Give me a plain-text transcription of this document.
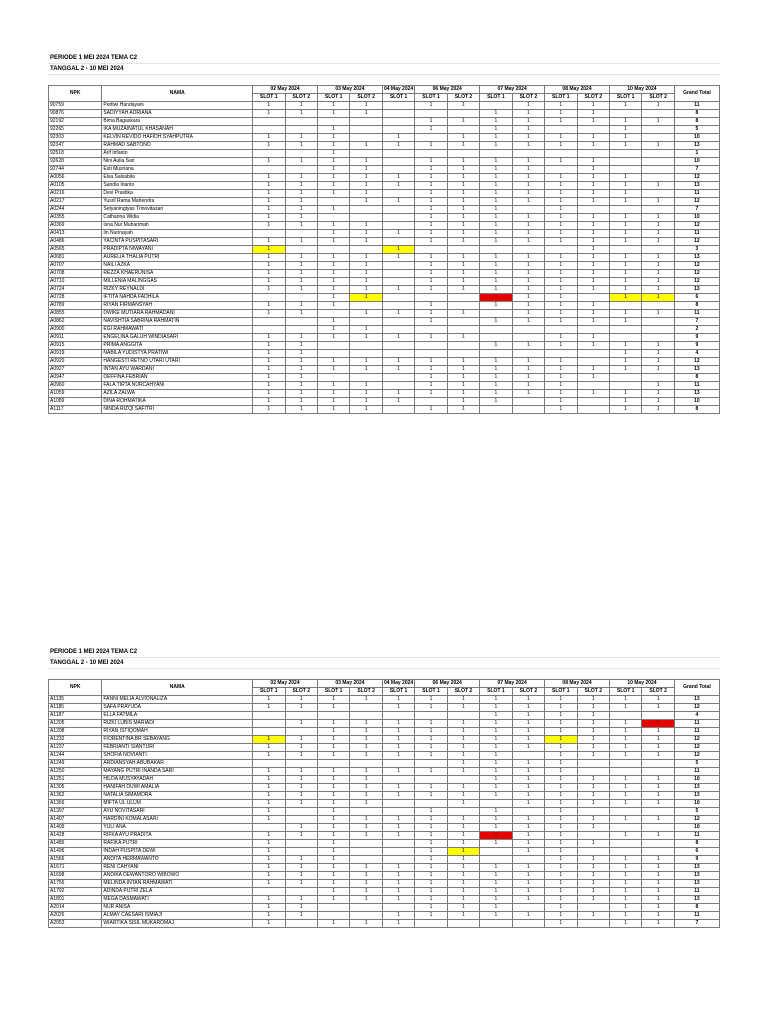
PERIODE 1 MEI 2024 TEMA C2
TANGGAL 2 - 10 MEI 2024
NPK	NAMA	02 May 2024		03 May 2024		04 May 2024	06 May 2024		07 May 2024		08 May 2024		10 May 2024		Grand Total
		SLOT 1	SLOT 2	SLOT 1	SLOT 2	SLOT 1	SLOT 1	SLOT 2	SLOT 1	SLOT 2	SLOT 1	SLOT 2	SLOT 1	SLOT 2	
90759	Pertiwi Handayani	1	1	1	1		1	1		1	1	1	1	1	11
90876	SADIYYAH ADRIANA	1	1	1	1				1	1	1	1			8
92192	Bima Bagaskara						1	1	1	1	1	1	1	1	8
92265	IKA MUZAINATUL KHASANAH			1			1		1	1			1		5
92303	KELVIN REVIDO HAFIDH SYAHPUTRA	1	1	1		1		1	1	1	1	1	1		10
92347	RAHMAD SABTONO	1	1	1	1	1	1	1	1	1	1	1	1	1	13
92518	Arif Infanto			1											1
92628	Nini Aulia Sari	1	1	1	1		1	1	1	1	1	1			10
92744	Esti Musriana			1	1		1	1	1	1		1			7
A0056	Elsa Salsabila	1	1	1	1	1	1	1	1	1	1	1	1		12
A0105	Sandia Irianto	1	1	1	1	1	1	1	1	1	1	1	1	1	13
A0216	Devi Prastika	1	1	1	1		1	1	1	1	1	1	1		11
A0217	Yusril Rama Mahendra	1	1		1	1	1	1	1	1	1	1	1	1	12
A0244	Setyaningtyas Trinovitasari	1	1	1			1	1	1		1				7
A0355	Catharina Widia	1	1				1	1	1	1	1	1	1	1	10
A0369	Isna Nur Muharimah	1	1	1	1		1	1	1	1	1	1	1	1	12
A0413	Iin Nurinayah			1	1	1	1	1	1	1	1	1	1	1	11
A0486	YACINTA PUSPITASARI	1	1	1	1		1	1	1	1	1	1	1	1	12
A0565	PRADIPTA NIWAYANI	1				1						1			3
A0681	AURELIA THALIA PUTRI	1	1	1	1	1	1	1	1	1	1	1	1	1	13
A0707	NAILI AZKA	1	1	1	1		1	1	1	1	1	1	1	1	12
A0708	REZZA KHAERUNISA	1	1	1	1		1	1	1	1	1	1	1	1	12
A0710	MILLENIA MALINGGAS	1	1	1	1		1	1	1	1	1	1	1	1	12
A0724	RIZKY REYNALDI	1	1	1	1	1	1	1	1	1	1	1	1	1	13
A0728	IFTITA NAHDA FADHILA			1	1				0	1	1		1	1	6
A0789	RIYAN FIRMANSYAH	1	1	1			1		1	1	1	1			8
A0855	DWIKE MUTIARA RAHMADANI	1	1		1	1	1	1		1	1	1	1	1	11
A0862	NAVISHTIA SABRINA RAHMATIN			1			1		1	1	1	1	1		7
A0900	EGI RAHMAWATI			1	1										2
A0911	ENGELINA GALUH WINDIASARI	1	1	1	1	1	1	1			1	1			9
A0915	PRIMA ANGGITA	1	1						1	1	1	1	1	1	9
A0919	NABILA YUDISTYA PRATIWI	1	1										1	1	4
A0920	HANGESTI RETNO UTARI UTARI	1	1	1	1	1	1	1	1	1	1		1	1	12
A0927	INTAN AYU WARDANI	1	1	1	1	1	1	1	1	1	1	1	1	1	13
A0947	DEFFINA FEBRIAN	1	1				1	1	1	1	1	1			8
A0960	FALA TIRTA NURCAHYANI	1	1	1	1		1	1	1	1	1			1	11
A1059	AZILA ZALWA	1	1	1	1	1	1	1	1	1	1	1	1	1	13
A1089	DINA ROHMATIKA	1	1	1	1	1		1	1		1		1	1	10
A1117	NINDA RIZQI SAFITRI	1	1	1	1		1	1			1		1	1	8
PERIODE 1 MEI 2024 TEMA C2
TANGGAL 2 - 10 MEI 2024
NPK	NAMA	02 May 2024		03 May 2024		04 May 2024	06 May 2024		07 May 2024		08 May 2024		10 May 2024		Grand Total
		SLOT 1	SLOT 2	SLOT 1	SLOT 2	SLOT 1	SLOT 1	SLOT 2	SLOT 1	SLOT 2	SLOT 1	SLOT 2	SLOT 1	SLOT 2	
A1135	FANNI MELIA ALVIONALIZA	1	1	1	1	1	1	1	1	1	1	1	1	1	13
A1185	SAFA PRAYUDA	1	1	1		1	1	1	1	1	1	1	1	1	12
A1187	ELLA FATMILA								1	1	1	1			4
A1205	RIZKI LUBIS MARIADI		1	1	1	1	1	1	1	1	1	1	1	0	11
A1208	RIYAN ISTIQOMAH			1	1	1	1	1	1	1	1	1	1	1	11
A1232	FIORENTINA BR SEBAYANG	1	1	1	1	1	1	1	1	1	1	1	1	1	12
A1237	FEBRIANTI SIANTURI	1	1	1	1	1	1	1	1	1	1	1	1	1	12
A1244	SHOFIA NOVIANTI	1	1	1	1	1	1	1	1		1	1	1	1	12
A1249	ARDIANSYAH ABUBAKAR							1	1	1	1				5
A1250	MAYANG PUTRI INANDA SARI	1	1	1	1	1	1	1	1	1	1				11
A1251	HILDA MUSYAYADAH	1	1	1	1				1	1	1	1	1	1	10
A1305	HANIFAH DUWI AMALIA	1	1	1	1	1	1	1	1	1	1	1	1	1	13
A1362	NATALIA SIMAMORA	1	1	1	1	1	1	1	1	1	1	1	1	1	13
A1366	MIFTA UL ULUM	1	1	1	1			1		1	1	1	1	1	10
A1397	AYU NOVITASARI	1		1			1		1		1				5
A1407	HARDINI KOMALASARI	1		1	1	1	1	1	1	1	1	1	1	1	12
A1409	YULI ANA		1	1	1	1	1	1	1	1	1	1			10
A1428	RIFKA AYU PRADITA	1	1	1	1	1	1	1	0	1	1		1	1	11
A1486	RAFIKA PUTRI	1		1			1	1	1	1	1	1			8
A1496	INDAH PUSPITA DEWI	1		1			1	1		1	1				6
A1566	ANDITA HERMAWANTO	1	1	1			1	1			1	1	1	1	9
A1671	RENI CAHYANI	1	1	1	1	1	1	1	1	1	1	1	1	1	13
A1698	ANDIKA DEWANTORO WIBOWO	1	1	1	1	1	1	1	1	1	1	1	1	1	13
A1756	MELINDA INTAN RAHMAWATI	1	1	1	1	1	1	1	1	1	1	1	1	1	13
A1792	ADINDA PUTRI ZELA			1	1	1	1	1	1	1	1	1	1	1	11
A1801	MEGA DASMAWATI	1	1	1	1	1	1	1	1	1	1	1	1	1	13
A2014	NUR ANISA	1	1				1	1	1		1		1	1	8
A2026	ALMAY CAESARI ISMIAJI	1	1			1	1	1	1	1	1	1	1	1	11
A2053	WIARTIKA SISIL MUKAROMAJ	1		1	1	1					1		1	1	7
